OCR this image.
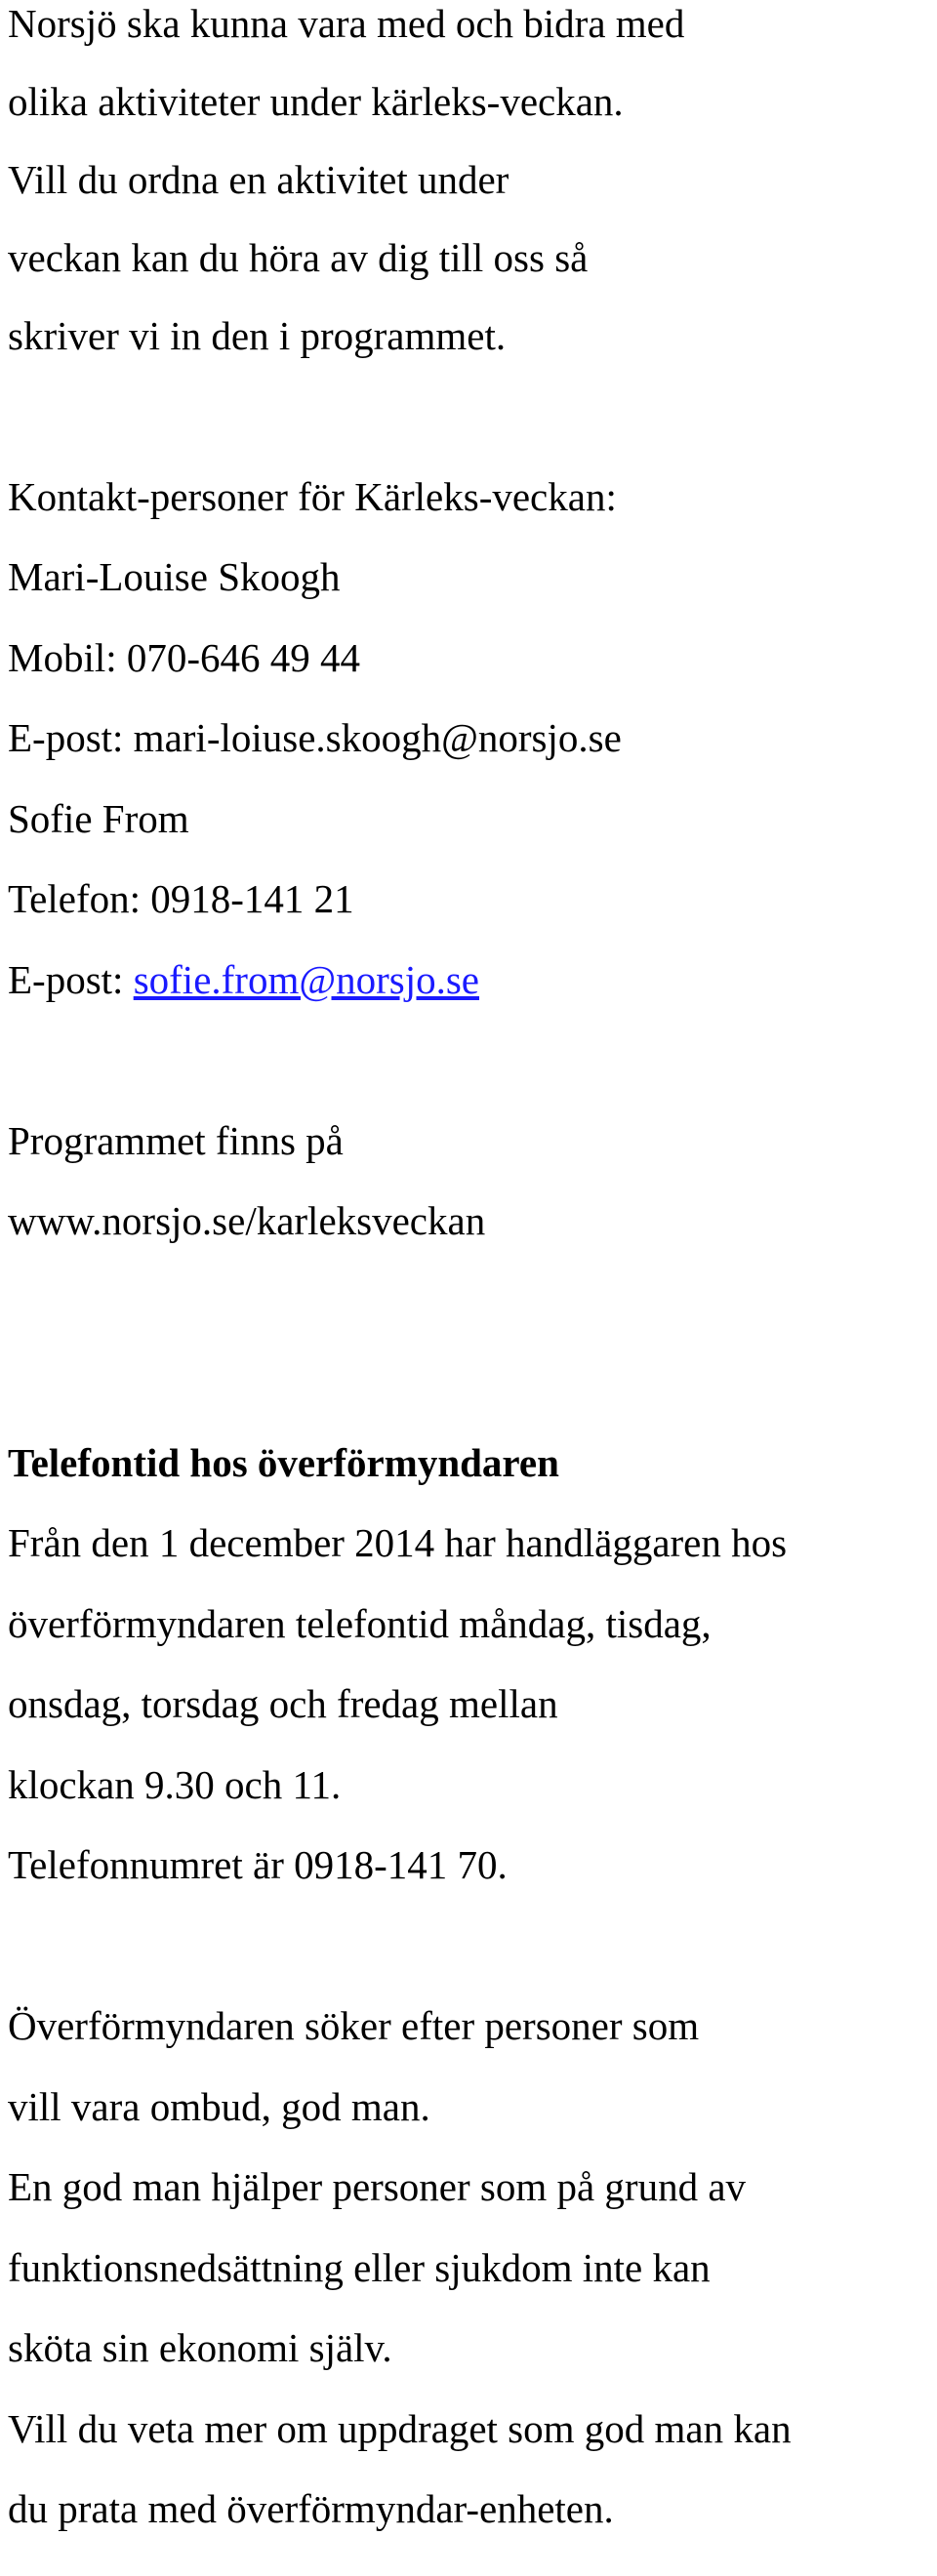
Norsjö ska kunna vara med och bidra med
olika aktiviteter under kärleks-veckan.
Vill du ordna en aktivitet under
veckan kan du höra av dig till oss så
skriver vi in den i programmet.
Kontakt-personer för Kärleks-veckan:
Mari-Louise Skoogh
Mobil: 070-646 49 44
E-post: mari-loiuse.skoogh@norsjo.se
Sofie From
Telefon: 0918-141 21
E-post: sofie.from@norsjo.se
Programmet finns på
www.norsjo.se/karleksveckan
Telefontid hos överförmyndaren
Från den 1 december 2014 har handläggaren hos
överförmyndaren telefontid måndag, tisdag,
onsdag, torsdag och fredag mellan
klockan 9.30 och 11.
Telefonnumret är 0918-141 70.
Överförmyndaren söker efter personer som
vill vara ombud, god man.
En god man hjälper personer som på grund av
funktionsnedsättning eller sjukdom inte kan
sköta sin ekonomi själv.
Vill du veta mer om uppdraget som god man kan
du prata med överförmyndar-enheten.
